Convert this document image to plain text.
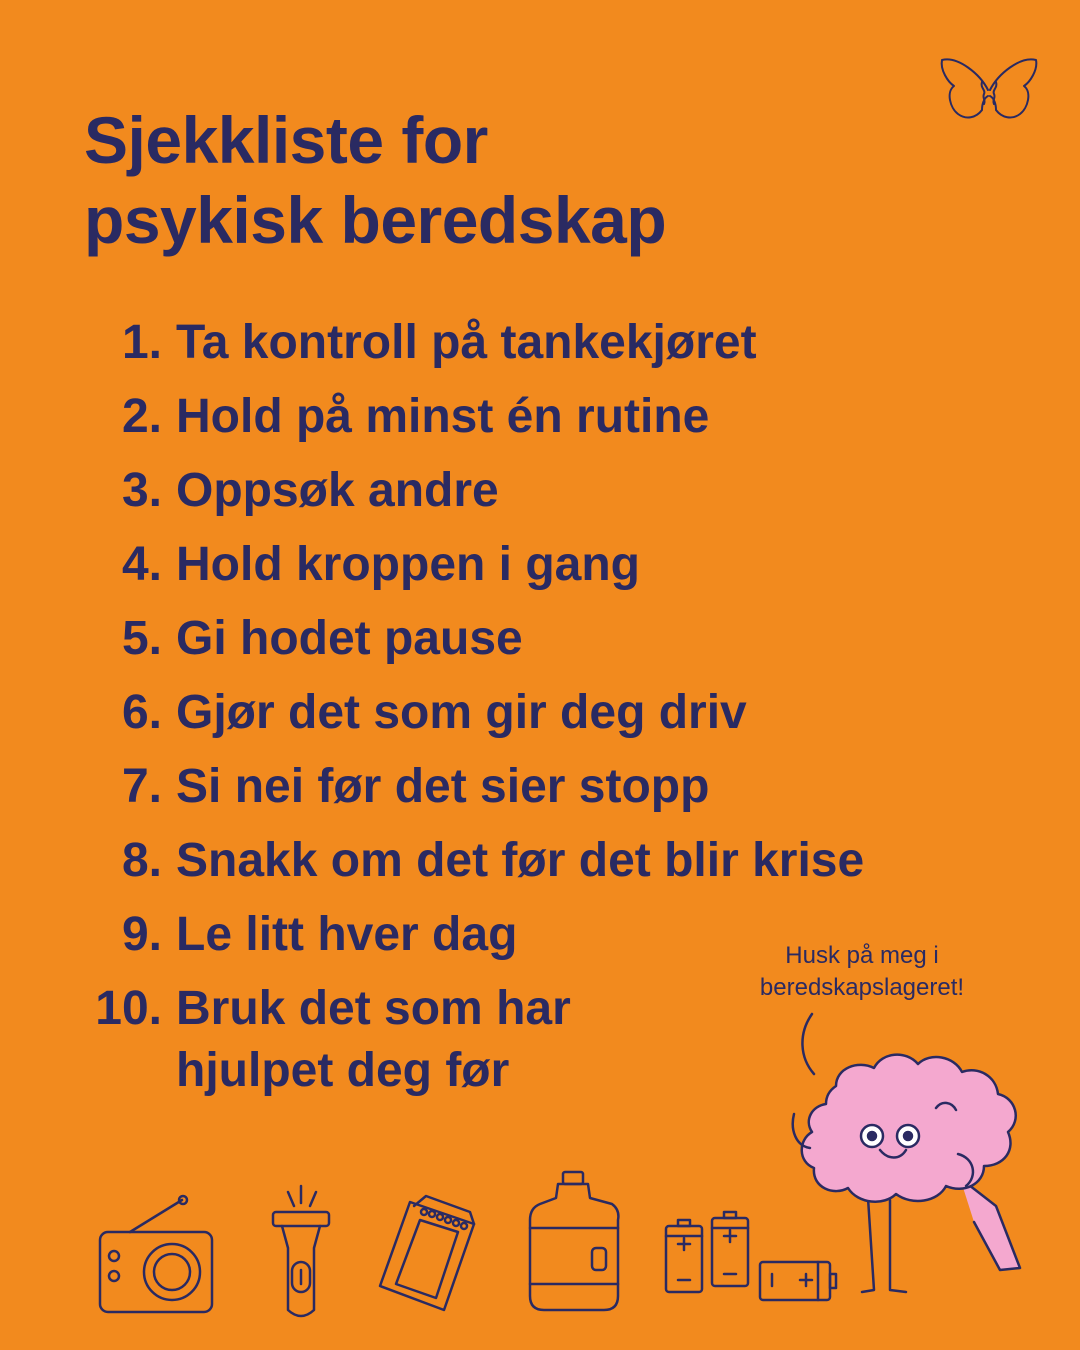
Sjekkliste for
psykisk beredskap
1. Ta kontroll på tankekjøret
2. Hold på minst én rutine
3. Oppsøk andre
4. Hold kroppen i gang
5. Gi hodet pause
6. Gjør det som gir deg driv
7. Si nei før det sier stopp
8. Snakk om det før det blir krise
9. Le litt hver dag
10. Bruk det som har hjulpet deg før
Husk på meg i
beredskapslageret!
